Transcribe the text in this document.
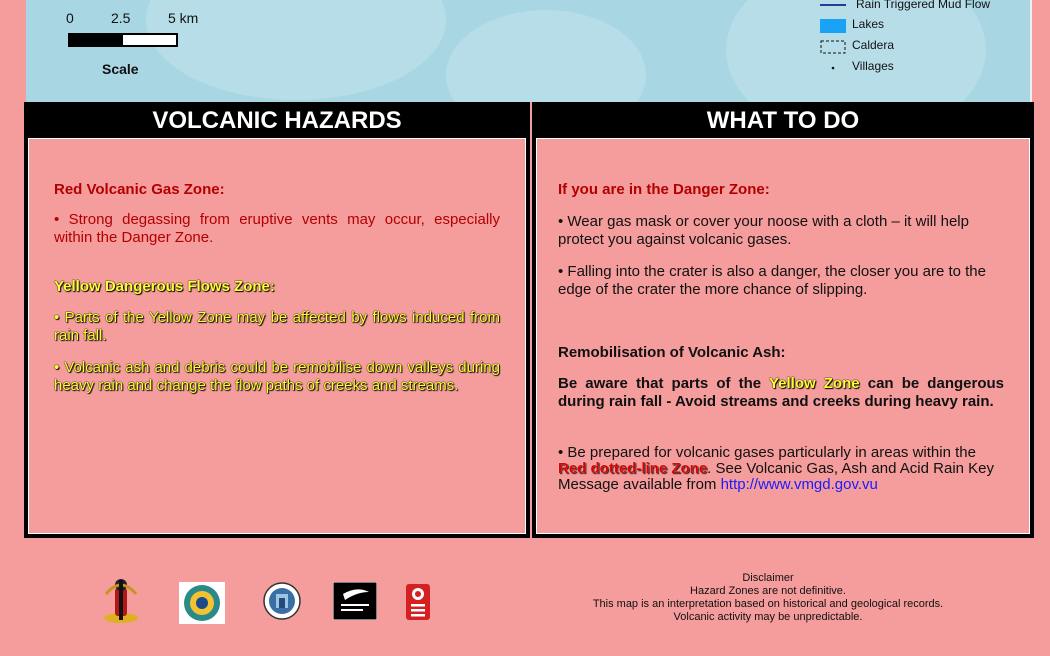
0	2.5	5 km
Scale
Rain Triggered Mud Flow
Lakes
Caldera
Villages
VOLCANIC HAZARDS
Red Volcanic Gas Zone:
• Strong degassing from eruptive vents may occur, especially within the Danger Zone.
Yellow Dangerous Flows Zone:
• Parts of the Yellow Zone may be affected by flows induced from rain fall.
• Volcanic ash and debris could be remobilise down valleys during heavy rain and change the flow paths of creeks and streams.
WHAT TO DO
If you are in the Danger Zone:
• Wear gas mask or cover your noose with a cloth – it will help protect you against volcanic gases.
• Falling into the crater is also a danger, the closer you are to the edge of the crater the more chance of slipping.
Remobilisation of Volcanic Ash:
Be aware that parts of the Yellow Zone can be dangerous during rain fall - Avoid streams and creeks during heavy rain.
• Be prepared for volcanic gases particularly in areas within the Red dotted-line Zone. See Volcanic Gas, Ash and Acid Rain Key Message available from http://www.vmgd.gov.vu
Disclaimer
Hazard Zones are not definitive.
This map is an interpretation based on historical and geological records.
Volcanic activity may be unpredictable.
